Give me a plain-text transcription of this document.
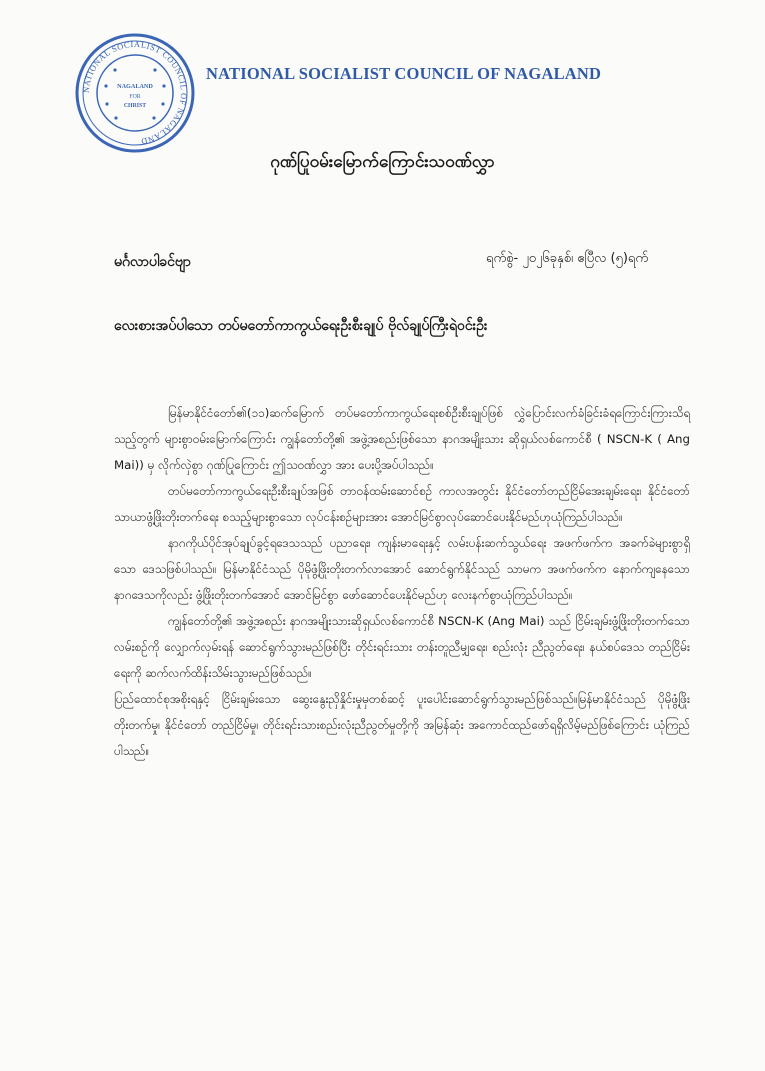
NATIONAL SOCIALIST COUNCIL OF NAGALAND
NAGALAND
FOR
CHRIST
NATIONAL SOCIALIST COUNCIL OF NAGALAND
ဂုဏ်ပြုဝမ်းမြောက်ကြောင်းသဝဏ်လွှာ
မင်္ဂလာပါခင်ဗျာ	ရက်စွဲ- ၂၀၂၆ခုနှစ်၊ ဧပြီလ (၅)ရက်
လေးစားအပ်ပါသော တပ်မတော်ကာကွယ်ရေးဦးစီးချုပ် ဗိုလ်ချုပ်ကြီးရဲဝင်းဦး

မြန်မာနိုင်ငံတော်၏(၁၁)ဆက်မြောက် တပ်မတော်ကာကွယ်ရေးစစ်ဦးစီးချုပ်ဖြစ် လွှဲပြောင်းလက်ခံခြင်းခံရကြောင်းကြားသိရသည့်တွက် များစွာဝမ်းမြောက်ကြောင်း ကျွန်တော်တို့၏ အဖွဲ့အစည်းဖြစ်သော နာဂအမျိုးသား ဆိုရှယ်လစ်ကောင်စီ ( NSCN-K ( Ang Mai)) မှ လိုက်လှဲစွာ ဂုဏ်ပြုကြောင်း ဤသဝဏ်လွှာ အား ပေးပို့အပ်ပါသည်။

တပ်မတော်ကာကွယ်ရေးဦးစီးချုပ်အဖြစ် တာဝန်ထမ်းဆောင်စဉ် ကာလအတွင်း နိုင်ငံတော်တည်ငြိမ်အေးချမ်းရေး၊ နိုင်ငံတော်သာယာဖွံ့ဖြိုးတိုးတက်ရေး စသည့်များစွာသော လုပ်ငန်းစဉ်များအား အောင်မြင်စွာလုပ်ဆောင်ပေးနိုင်မည်ဟုယုံကြည်ပါသည်။

နာဂကိုယ်ပိုင်အုပ်ချုပ်ခွင့်ရဒေသသည် ပညာရေး၊ ကျန်းမာရေးနှင့် လမ်းပန်းဆက်သွယ်ရေး အဖက်ဖက်က အခက်ခဲများစွာရှိ သော ဒေသဖြစ်ပါသည်။ မြန်မာနိုင်ငံသည် ပိုမိုဖွံ့ဖြိုးတိုးတက်လာအောင် ဆောင်ရွက်နိုင်သည် သာမက အဖက်ဖက်က နောက်ကျနေသော နာဂဒေသကိုလည်း ဖွံ့ဖြိုးတိုးတက်အောင် အောင်မြင်စွာ ဖော်ဆောင်ပေးနိုင်မည်ဟု လေးနက်စွာယုံကြည်ပါသည်။

ကျွန်တော်တို့၏ အဖွဲ့အစည်း နာဂအမျိုးသားဆိုရှယ်လစ်ကောင်စီ NSCN-K (Ang Mai) သည် ငြိမ်းချမ်းဖွံ့ဖြိုးတိုးတက်သော လမ်းစဉ်ကို လျှောက်လှမ်းရန် ဆောင်ရွက်သွားမည်ဖြစ်ပြီး တိုင်းရင်းသား တန်းတူညီမျှရေး၊ စည်းလုံး ညီညွတ်ရေး၊ နယ်စပ်ဒေသ တည်ငြိမ်းရေးကို ဆက်လက်ထိန်းသိမ်းသွားမည်ဖြစ်သည်။

ပြည်ထောင်စုအစိုးရနှင့် ငြိမ်းချမ်းသော ဆွေးနွေးညှိနှိုင်းမှုမှတစ်ဆင့် ပူးပေါင်းဆောင်ရွက်သွားမည်ဖြစ်သည်။မြန်မာနိုင်ငံသည် ပိုမိုဖွံ့ဖြိုးတိုးတက်မှု၊ နိုင်ငံတော် တည်ငြိမ်မှု၊ တိုင်းရင်းသားစည်းလုံးညီညွတ်မှုတို့ကို အမြန်ဆုံး အကောင်ထည်ဖော်ရရှိလိမ့်မည်ဖြစ်ကြောင်း ယုံကြည်ပါသည်။
